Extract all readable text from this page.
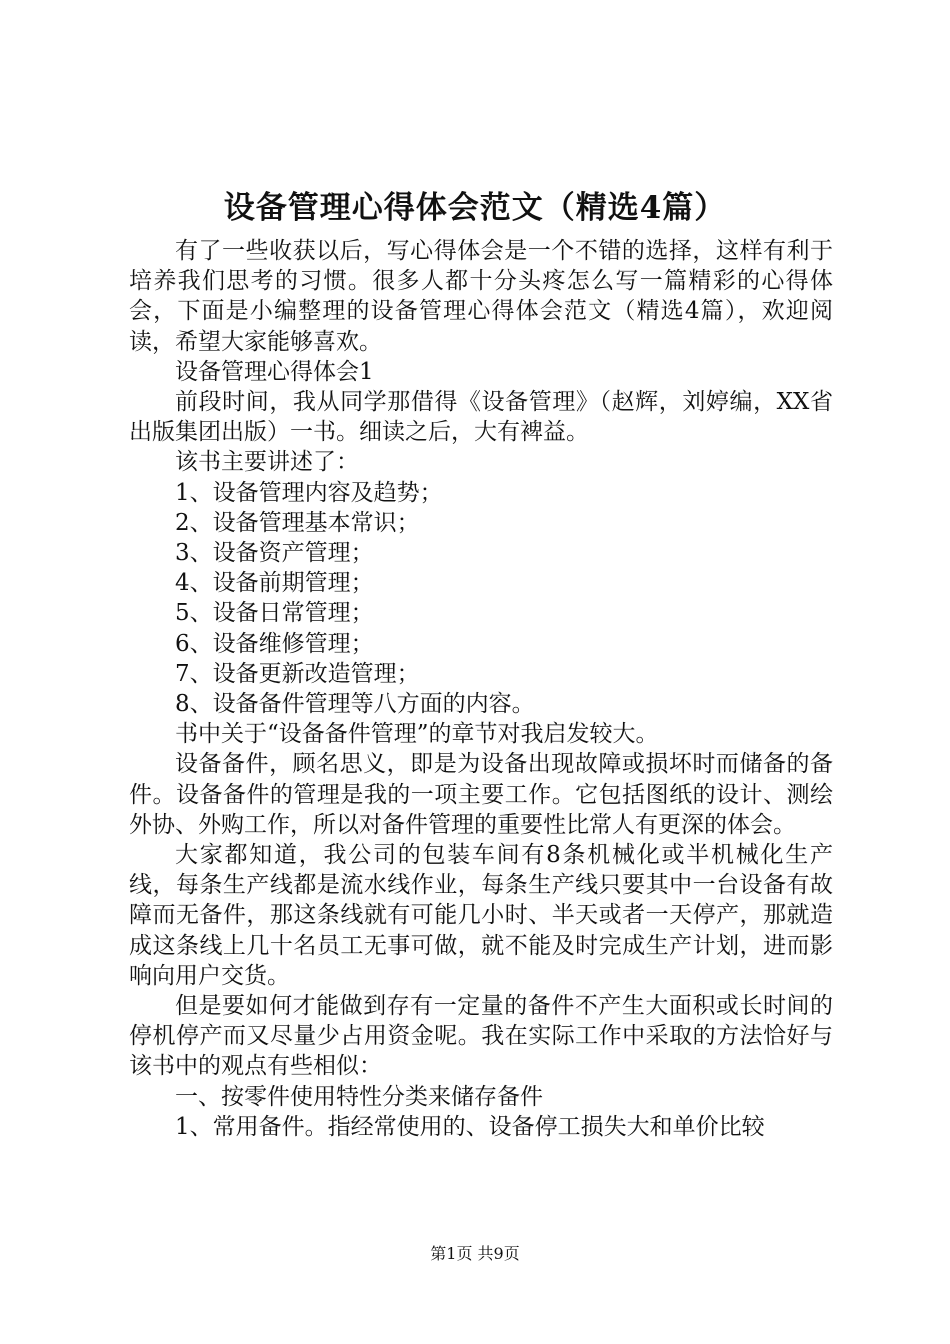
设备管理心得体会范文（精选4篇）

有了一些收获以后，写心得体会是一个不错的选择，这样有利于培养我们思考的习惯。很多人都十分头疼怎么写一篇精彩的心得体会，下面是小编整理的设备管理心得体会范文（精选4篇），欢迎阅读，希望大家能够喜欢。

设备管理心得体会1

前段时间，我从同学那借得《设备管理》（赵辉，刘婷编，XX省出版集团出版）一书。细读之后，大有裨益。

该书主要讲述了：

1、设备管理内容及趋势；

2、设备管理基本常识；

3、设备资产管理；

4、设备前期管理；

5、设备日常管理；

6、设备维修管理；

7、设备更新改造管理；

8、设备备件管理等八方面的内容。

书中关于“设备备件管理”的章节对我启发较大。

设备备件，顾名思义，即是为设备出现故障或损坏时而储备的备件。设备备件的管理是我的一项主要工作。它包括图纸的设计、测绘外协、外购工作，所以对备件管理的重要性比常人有更深的体会。

大家都知道，我公司的包装车间有8条机械化或半机械化生产线，每条生产线都是流水线作业，每条生产线只要其中一台设备有故障而无备件，那这条线就有可能几小时、半天或者一天停产，那就造成这条线上几十名员工无事可做，就不能及时完成生产计划，进而影响向用户交货。

但是要如何才能做到存有一定量的备件不产生大面积或长时间的停机停产而又尽量少占用资金呢。我在实际工作中采取的方法恰好与该书中的观点有些相似：

一、按零件使用特性分类来储存备件

1、常用备件。指经常使用的、设备停工损失大和单价比较

第1页 共9页
